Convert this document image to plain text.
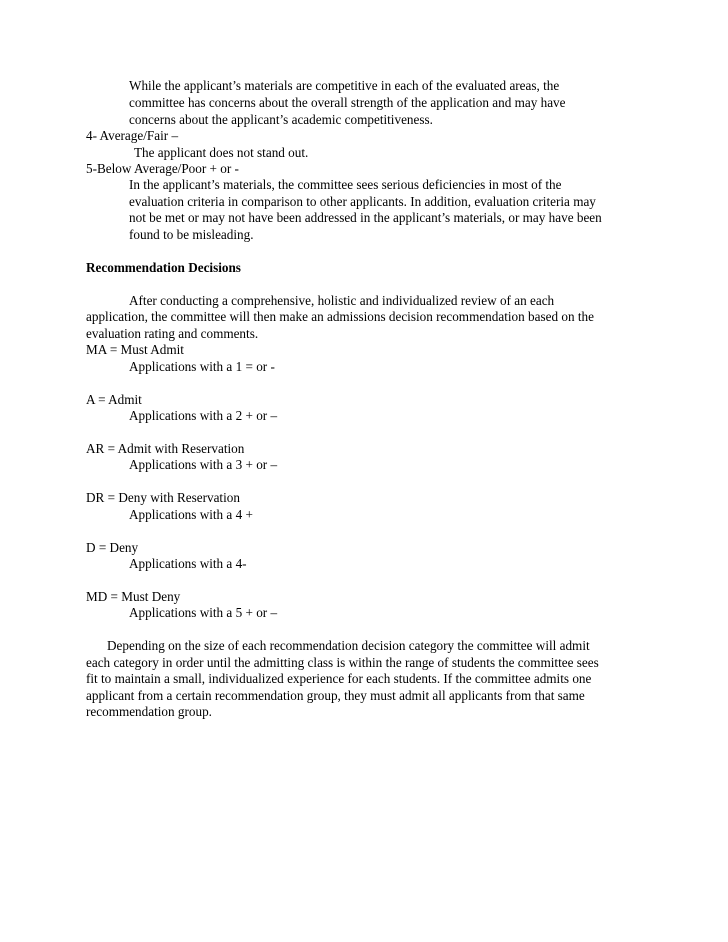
While the applicant’s materials are competitive in each of the evaluated areas, the

committee has concerns about the overall strength of the application and may have

concerns about the applicant’s academic competitiveness.

4- Average/Fair –

The applicant does not stand out.

5-Below Average/Poor + or -

In the applicant’s materials, the committee sees serious deficiencies in most of the

evaluation criteria in comparison to other applicants. In addition, evaluation criteria may

not be met or may not have been addressed in the applicant’s materials, or may have been

found to be misleading.

Recommendation Decisions

After conducting a comprehensive, holistic and individualized review of an each

application, the committee will then make an admissions decision recommendation based on the

evaluation rating and comments.

MA = Must Admit

Applications with a 1 = or -

A = Admit

Applications with a 2 + or –

AR = Admit with Reservation

Applications with a 3 + or –

DR = Deny with Reservation

Applications with a 4 +

D = Deny

Applications with a 4-

MD = Must Deny

Applications with a 5 + or –

Depending on the size of each recommendation decision category the committee will admit

each category in order until the admitting class is within the range of students the committee sees

fit to maintain a small, individualized experience for each students. If the committee admits one

applicant from a certain recommendation group, they must admit all applicants from that same

recommendation group.
